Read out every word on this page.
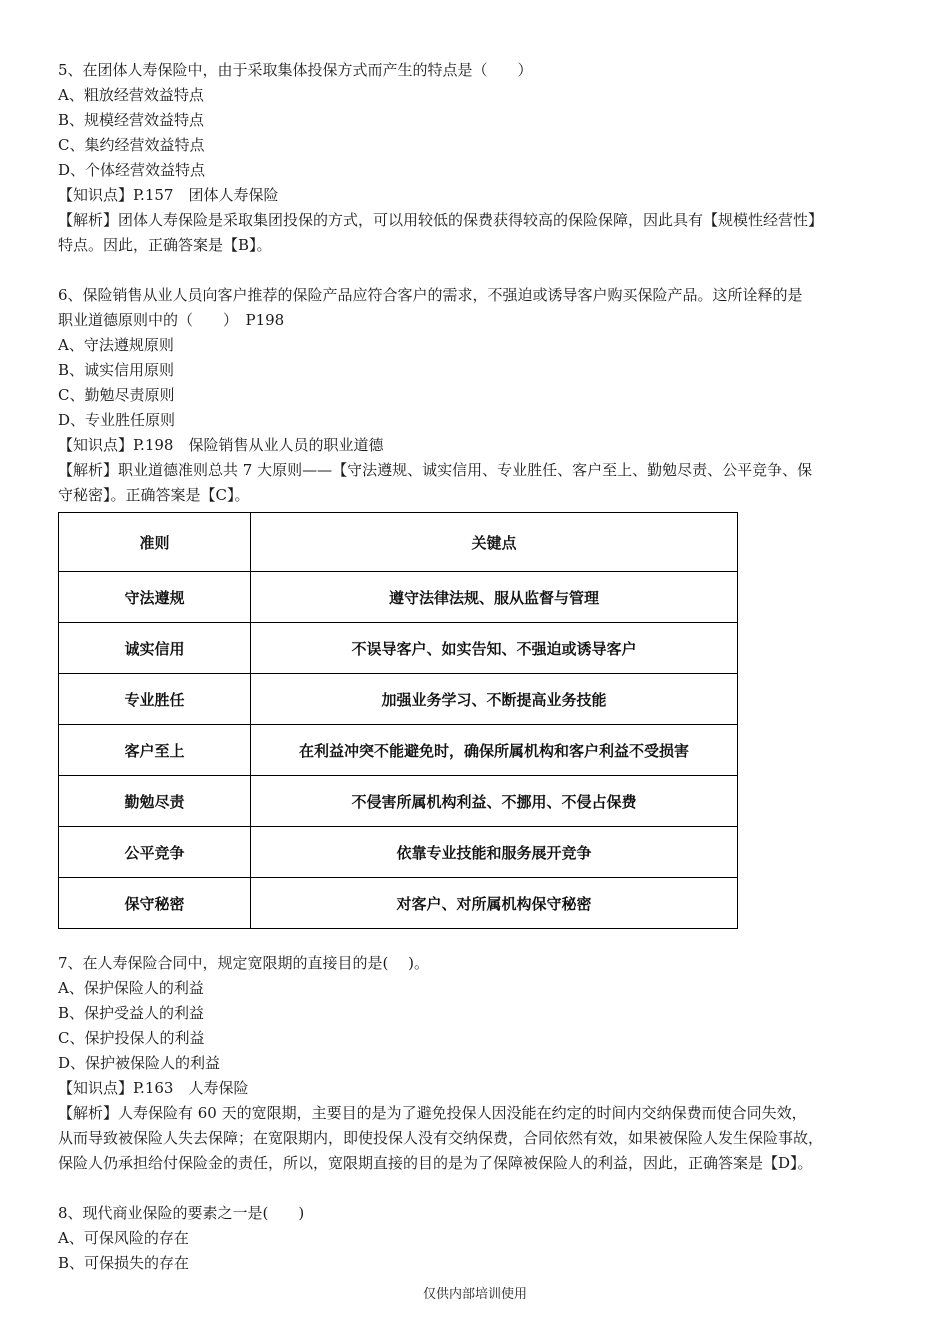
5、在团体人寿保险中，由于采取集体投保方式而产生的特点是（　　）
A、粗放经营效益特点
B、规模经营效益特点
C、集约经营效益特点
D、个体经营效益特点
【知识点】P.157　团体人寿保险
【解析】团体人寿保险是采取集团投保的方式，可以用较低的保费获得较高的保险保障，因此具有【规模性经营性】
特点。因此，正确答案是【B】。
6、保险销售从业人员向客户推荐的保险产品应符合客户的需求，不强迫或诱导客户购买保险产品。这所诠释的是
职业道德原则中的（　　）　P198
A、守法遵规原则
B、诚实信用原则
C、勤勉尽责原则
D、专业胜任原则
【知识点】P.198　保险销售从业人员的职业道德
【解析】职业道德准则总共 7 大原则——【守法遵规、诚实信用、专业胜任、客户至上、勤勉尽责、公平竞争、保
守秘密】。正确答案是【C】。
准则	关键点
守法遵规	遵守法律法规、服从监督与管理
诚实信用	不误导客户、如实告知、不强迫或诱导客户
专业胜任	加强业务学习、不断提高业务技能
客户至上	在利益冲突不能避免时，确保所属机构和客户利益不受损害
勤勉尽责	不侵害所属机构利益、不挪用、不侵占保费
公平竞争	依靠专业技能和服务展开竞争
保守秘密	对客户、对所属机构保守秘密
7、在人寿保险合同中，规定宽限期的直接目的是(　 )。
A、保护保险人的利益
B、保护受益人的利益
C、保护投保人的利益
D、保护被保险人的利益
【知识点】P.163　人寿保险
【解析】人寿保险有 60 天的宽限期，主要目的是为了避免投保人因没能在约定的时间内交纳保费而使合同失效，
从而导致被保险人失去保障；在宽限期内，即使投保人没有交纳保费，合同依然有效，如果被保险人发生保险事故，
保险人仍承担给付保险金的责任，所以，宽限期直接的目的是为了保障被保险人的利益，因此，正确答案是【D】。
8、现代商业保险的要素之一是(　　)
A、可保风险的存在
B、可保损失的存在
仅供内部培训使用
